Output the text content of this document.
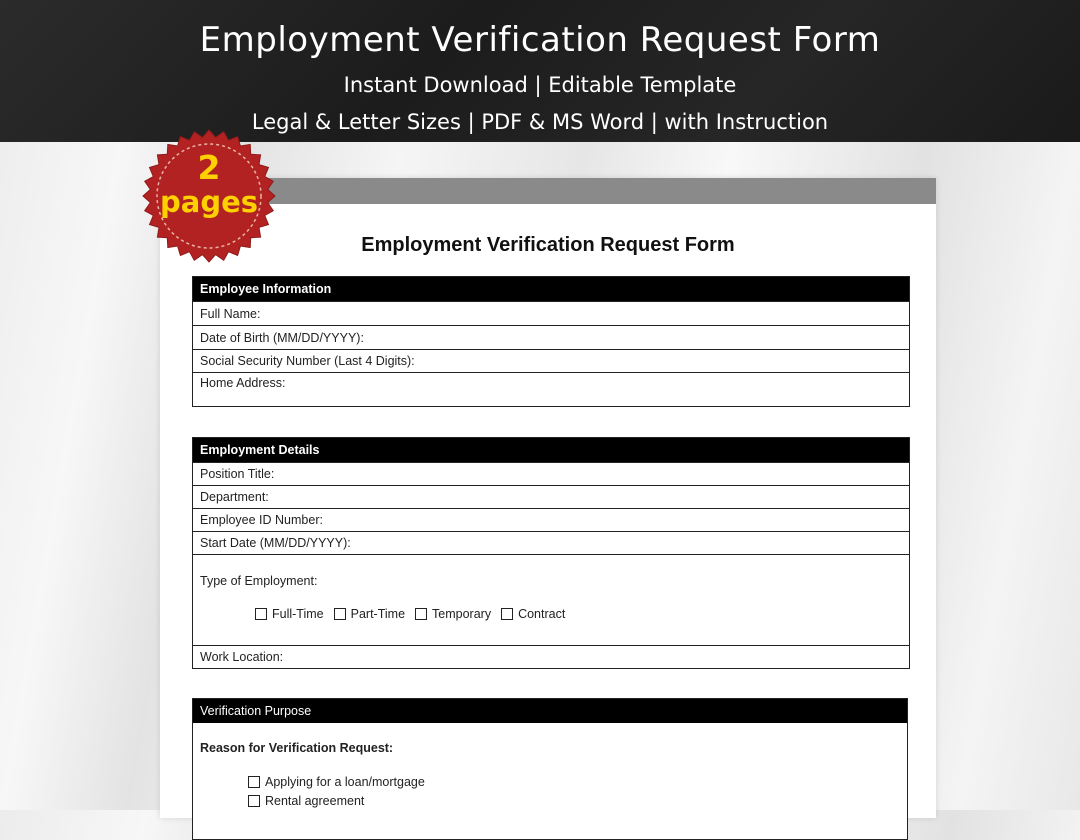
Employment Verification Request Form
Instant Download | Editable Template
Legal & Letter Sizes | PDF & MS Word | with Instruction
Employment Verification Request Form
Employee Information
Full Name:
Date of Birth (MM/DD/YYYY):
Social Security Number (Last 4 Digits):
Home Address:
Employment Details
Position Title:
Department:
Employee ID Number:
Start Date (MM/DD/YYYY):
Type of Employment:
Full-Time Part-Time Temporary Contract
Work Location:
Verification Purpose
Reason for Verification Request:
Applying for a loan/mortgage
Rental agreement
2
pages
